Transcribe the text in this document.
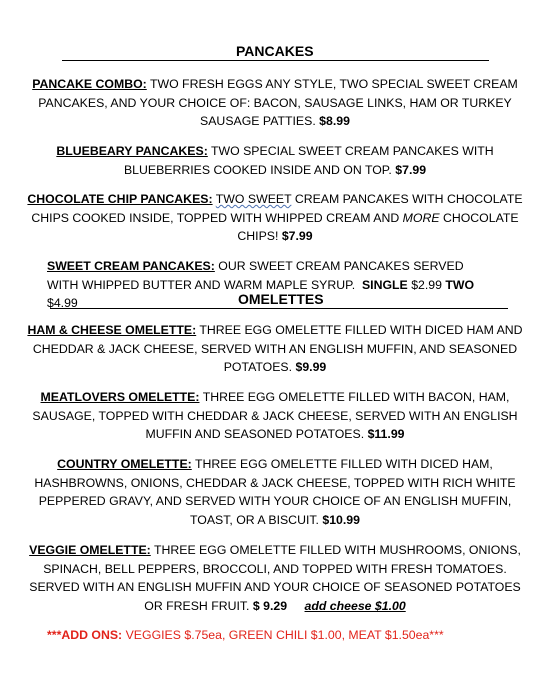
PANCAKES
PANCAKE COMBO: TWO FRESH EGGS ANY STYLE, TWO SPECIAL SWEET CREAM PANCAKES, AND YOUR CHOICE OF: BACON, SAUSAGE LINKS, HAM OR TURKEY SAUSAGE PATTIES. $8.99
BLUEBEARY PANCAKES: TWO SPECIAL SWEET CREAM PANCAKES WITH BLUEBERRIES COOKED INSIDE AND ON TOP. $7.99
CHOCOLATE CHIP PANCAKES: TWO SWEET CREAM PANCAKES WITH CHOCOLATE CHIPS COOKED INSIDE, TOPPED WITH WHIPPED CREAM AND MORE CHOCOLATE CHIPS! $7.99
SWEET CREAM PANCAKES: OUR SWEET CREAM PANCAKES SERVED WITH WHIPPED BUTTER AND WARM MAPLE SYRUP. SINGLE $2.99 TWO $4.99	OMELETTES
HAM & CHEESE OMELETTE: THREE EGG OMELETTE FILLED WITH DICED HAM AND CHEDDAR & JACK CHEESE, SERVED WITH AN ENGLISH MUFFIN, AND SEASONED POTATOES. $9.99
MEATLOVERS OMELETTE: THREE EGG OMELETTE FILLED WITH BACON, HAM, SAUSAGE, TOPPED WITH CHEDDAR & JACK CHEESE, SERVED WITH AN ENGLISH MUFFIN AND SEASONED POTATOES. $11.99
COUNTRY OMELETTE: THREE EGG OMELETTE FILLED WITH DICED HAM, HASHBROWNS, ONIONS, CHEDDAR & JACK CHEESE, TOPPED WITH RICH WHITE PEPPERED GRAVY, AND SERVED WITH YOUR CHOICE OF AN ENGLISH MUFFIN, TOAST, OR A BISCUIT. $10.99
VEGGIE OMELETTE: THREE EGG OMELETTE FILLED WITH MUSHROOMS, ONIONS, SPINACH, BELL PEPPERS, BROCCOLI, AND TOPPED WITH FRESH TOMATOES. SERVED WITH AN ENGLISH MUFFIN AND YOUR CHOICE OF SEASONED POTATOES OR FRESH FRUIT. $ 9.29 add cheese $1.00
***ADD ONS: VEGGIES $.75ea, GREEN CHILI $1.00, MEAT $1.50ea***
